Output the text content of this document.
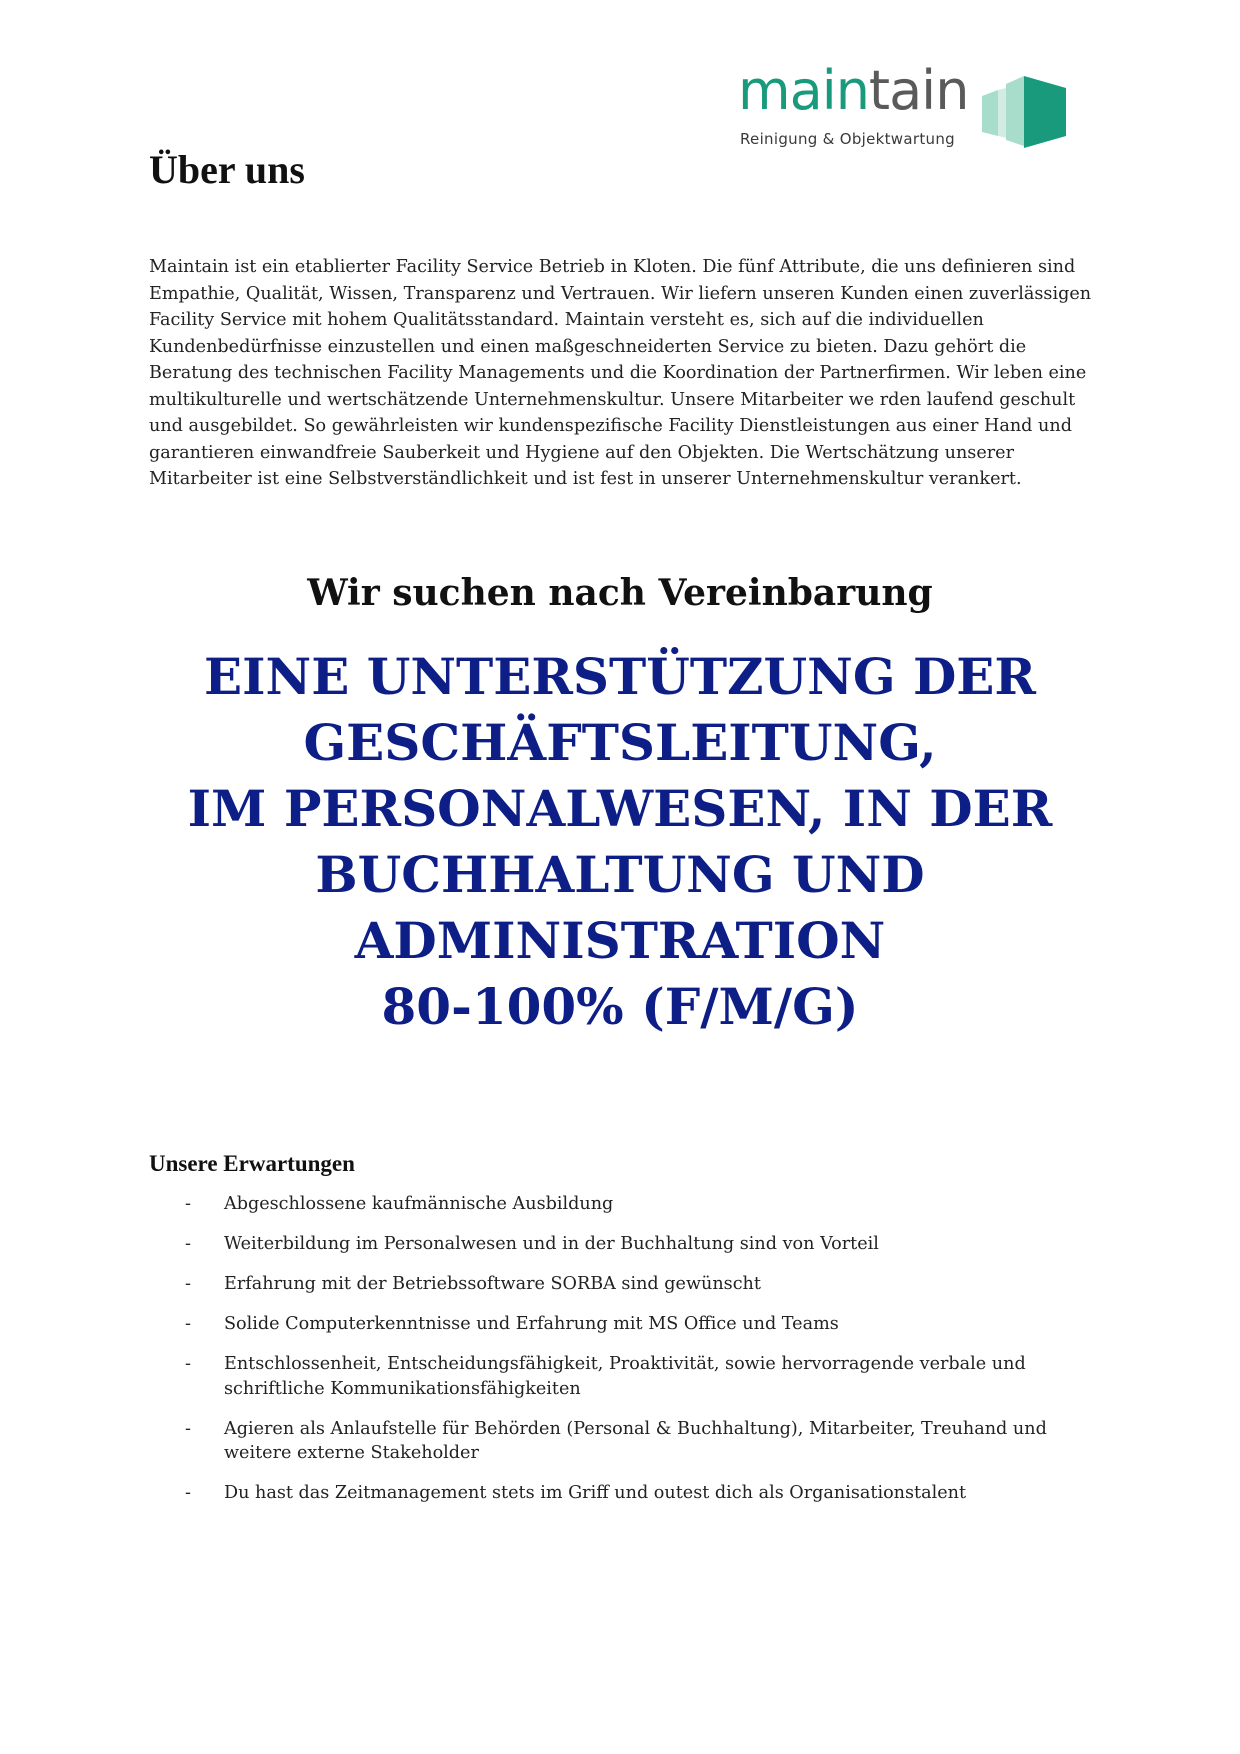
maintain
Reinigung & Objektwartung
Über uns

Maintain ist ein etablierter Facility Service Betrieb in Kloten. Die fünf Attribute, die uns definieren sind Empathie, Qualität, Wissen, Transparenz und Vertrauen. Wir liefern unseren Kunden einen zuverlässigen Facility Service mit hohem Qualitätsstandard. Maintain versteht es, sich auf die individuellen Kundenbedürfnisse einzustellen und einen maßgeschneiderten Service zu bieten. Dazu gehört die Beratung des technischen Facility Managements und die Koordination der Partnerfirmen. Wir leben eine multikulturelle und wertschätzende Unternehmenskultur. Unsere Mitarbeiter we rden laufend geschult und ausgebildet. So gewährleisten wir kundenspezifische Facility Dienstleistungen aus einer Hand und garantieren einwandfreie Sauberkeit und Hygiene auf den Objekten. Die Wertschätzung unserer Mitarbeiter ist eine Selbstverständlichkeit und ist fest in unserer Unternehmenskultur verankert.

Wir suchen nach Vereinbarung
EINE UNTERSTÜTZUNG DER
GESCHÄFTSLEITUNG,
IM PERSONALWESEN, IN DER
BUCHHALTUNG UND
ADMINISTRATION
80-100% (F/M/G)
Unsere Erwartungen
- Abgeschlossene kaufmännische Ausbildung
- Weiterbildung im Personalwesen und in der Buchhaltung sind von Vorteil
- Erfahrung mit der Betriebssoftware SORBA sind gewünscht
- Solide Computerkenntnisse und Erfahrung mit MS Office und Teams
- Entschlossenheit, Entscheidungsfähigkeit, Proaktivität, sowie hervorragende verbale und schriftliche Kommunikationsfähigkeiten
- Agieren als Anlaufstelle für Behörden (Personal & Buchhaltung), Mitarbeiter, Treuhand und weitere externe Stakeholder
- Du hast das Zeitmanagement stets im Griff und outest dich als Organisationstalent
